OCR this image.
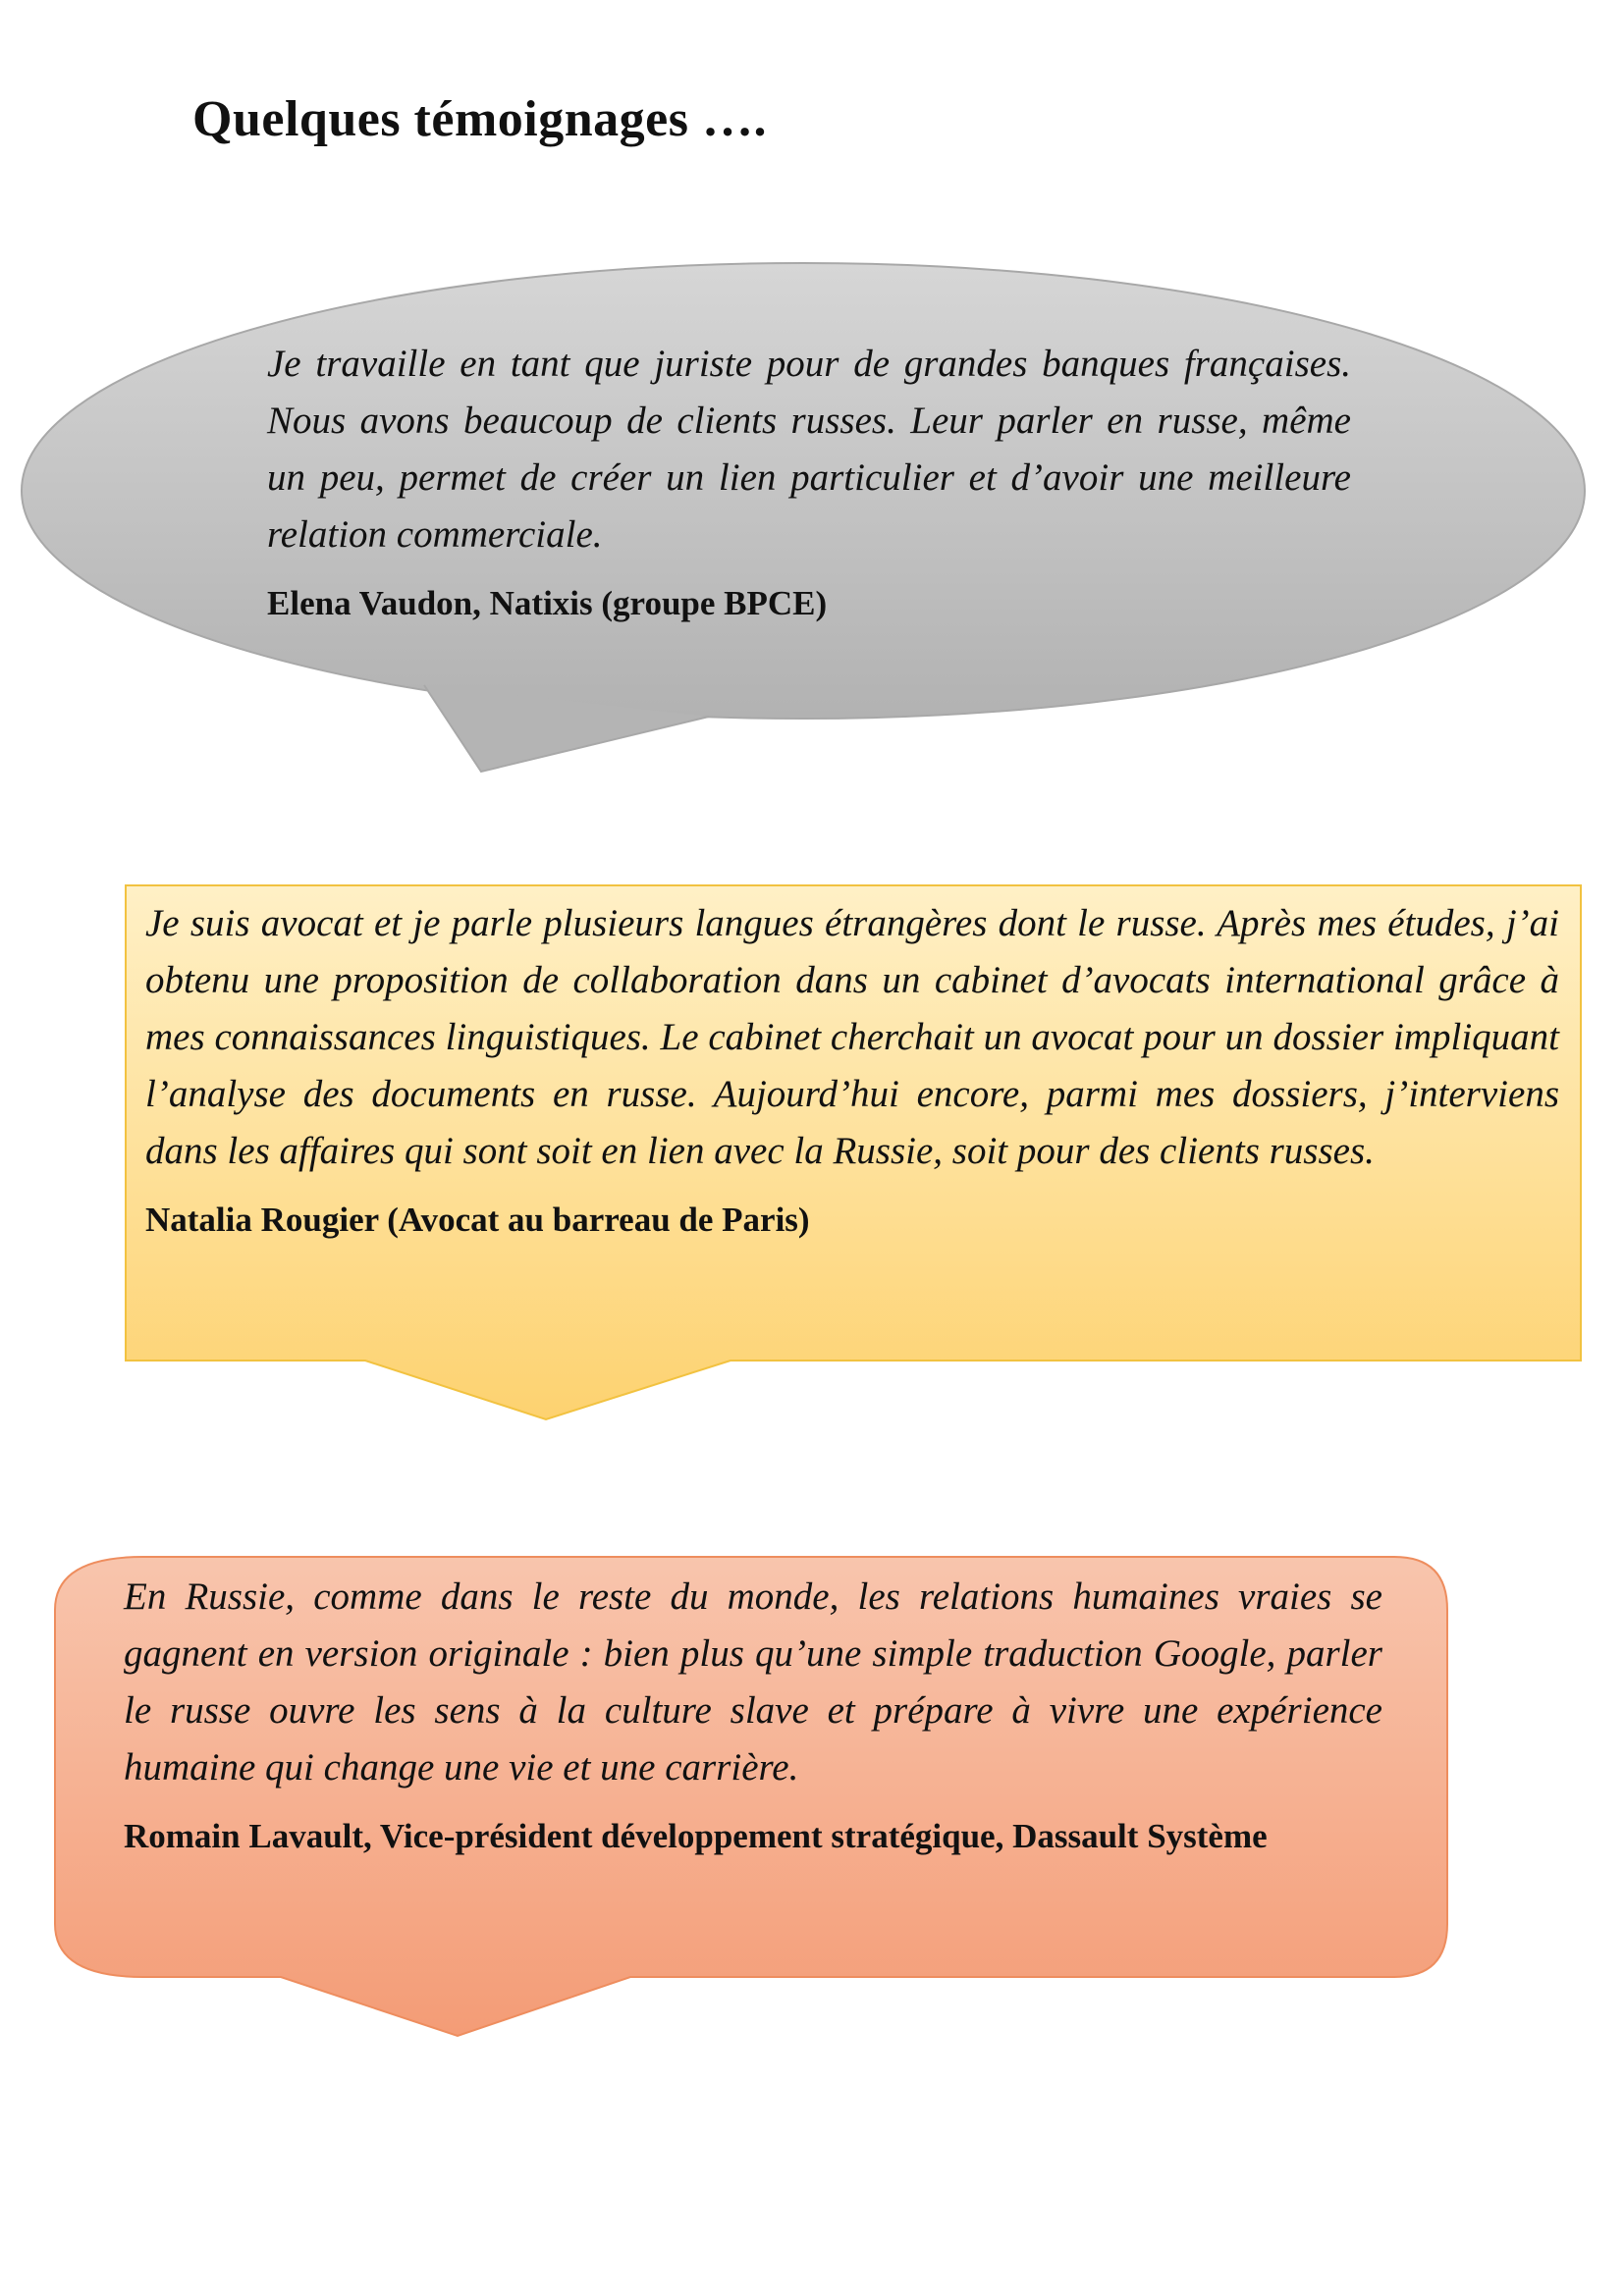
Quelques témoignages ….

Je travaille en tant que juriste pour de grandes banques françaises. Nous avons beaucoup de clients russes. Leur parler en russe, même un peu, permet de créer un lien particulier et d’avoir une meilleure relation commerciale.

Elena Vaudon, Natixis (groupe BPCE)

Je suis avocat et je parle plusieurs langues étrangères dont le russe. Après mes études, j’ai obtenu une proposition de collaboration dans un cabinet d’avocats international grâce à mes connaissances linguistiques. Le cabinet cherchait un avocat pour un dossier impliquant l’analyse des documents en russe. Aujourd’hui encore, parmi mes dossiers, j’interviens dans les affaires qui sont soit en lien avec la Russie, soit pour des clients russes.

Natalia Rougier (Avocat au barreau de Paris)

En Russie, comme dans le reste du monde, les relations humaines vraies se gagnent en version originale : bien plus qu’une simple traduction Google, parler le russe ouvre les sens à la culture slave et prépare à vivre une expérience humaine qui change une vie et une carrière.

Romain Lavault, Vice-président développement stratégique, Dassault Système
